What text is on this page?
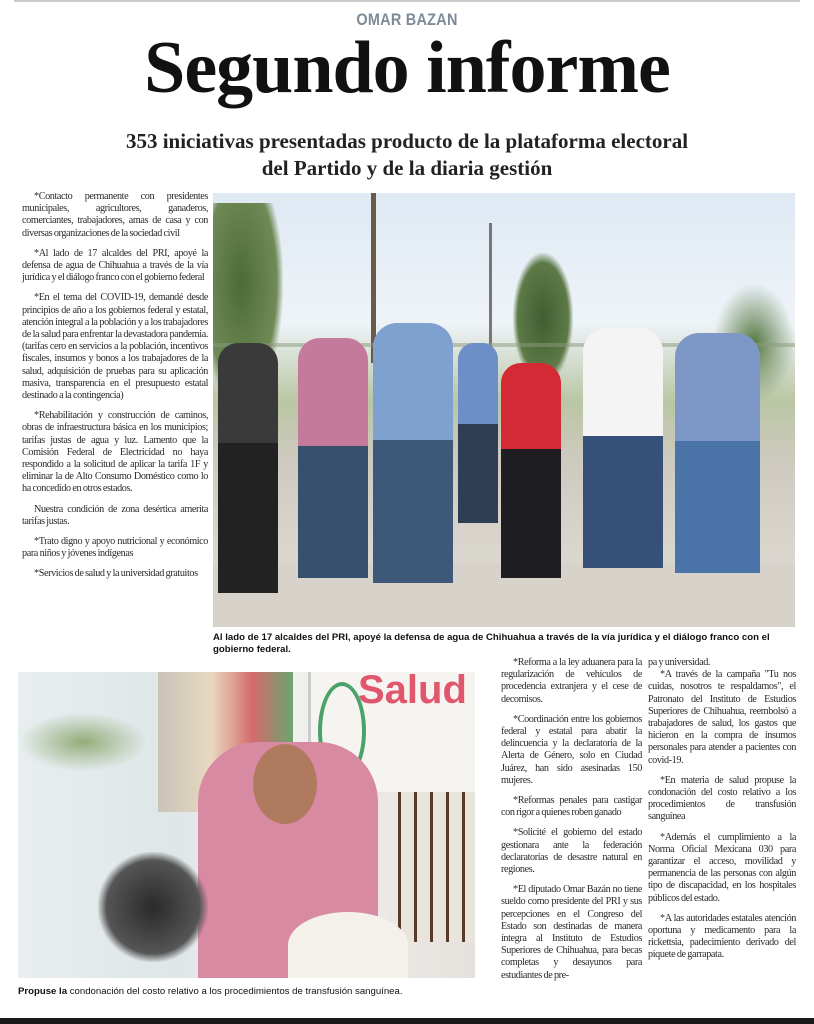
OMAR BAZAN
Segundo informe
353 iniciativas presentadas producto de la plataforma electoral
del Partido y de la diaria gestión

*Contacto permanente con presidentes municipales, agricultores, ganaderos, comerciantes, trabajadores, amas de casa y con diversas organizaciones de la sociedad civil

*Al lado de 17 alcaldes del PRI, apoyé la defensa de agua de Chihuahua a través de la vía jurídica y el diálogo franco con el gobierno federal

*En el tema del COVID-19, demandé desde principios de año a los gobiernos federal y estatal, atención integral a la población y a los trabajadores de la salud para enfrentar la devastadora pandemia. (tarifas cero en servicios a la población, incentivos fiscales, insumos y bonos a los trabajadores de la salud, adquisición de pruebas para su aplicación masiva, transparencia en el presupuesto estatal destinado a la contingencia)

*Rehabilitación y construcción de caminos, obras de infraestructura básica en los municipios; tarifas justas de agua y luz. Lamento que la Comisión Federal de Electricidad no haya respondido a la solicitud de aplicar la tarifa 1F y eliminar la de Alto Consumo Doméstico como lo ha concedido en otros estados.

Nuestra condición de zona desértica amerita tarifas justas.

*Trato digno y apoyo nutricional y económico para niños y jóvenes indígenas

*Servicios de salud y la universidad gratuitos

Al lado de 17 alcaldes del PRI, apoyé la defensa de agua de Chihuahua a través de la vía jurídica y el diálogo franco con el gobierno federal.
Salud
Propuse la condonación del costo relativo a los procedimientos de transfusión sanguínea.

*Reforma a la ley aduanera para la regularización de vehículos de procedencia extranjera y el cese de decomisos.

*Coordinación entre los gobiernos federal y estatal para abatir la delincuencia y la declaratoria de la Alerta de Género, solo en Ciudad Juárez, han sido asesinadas 150 mujeres.

*Reformas penales para castigar con rigor a quienes roben ganado

*Solicité el gobierno del estado gestionara ante la federación declaratorias de desastre natural en regiones.

*El diputado Omar Bazán no tiene sueldo como presidente del PRI y sus percepciones en el Congreso del Estado son destinadas de manera íntegra al Instituto de Estudios Superiores de Chihuahua, para becas completas y desayunos para estudiantes de pre-

pa y universidad.

*A través de la campaña "Tu nos cuidas, nosotros te respaldamos", el Patronato del Instituto de Estudios Superiores de Chihuahua, reembolsó a trabajadores de salud, los gastos que hicieron en la compra de insumos personales para atender a pacientes con covid-19.

*En materia de salud propuse la condonación del costo relativo a los procedimientos de transfusión sanguínea

*Además el cumplimiento a la Norma Oficial Mexicana 030 para garantizar el acceso, movilidad y permanencia de las personas con algún tipo de discapacidad, en los hospitales públicos del estado.

*A las autoridades estatales atención oportuna y medicamento para la rickettsia, padecimiento derivado del piquete de garrapata.
